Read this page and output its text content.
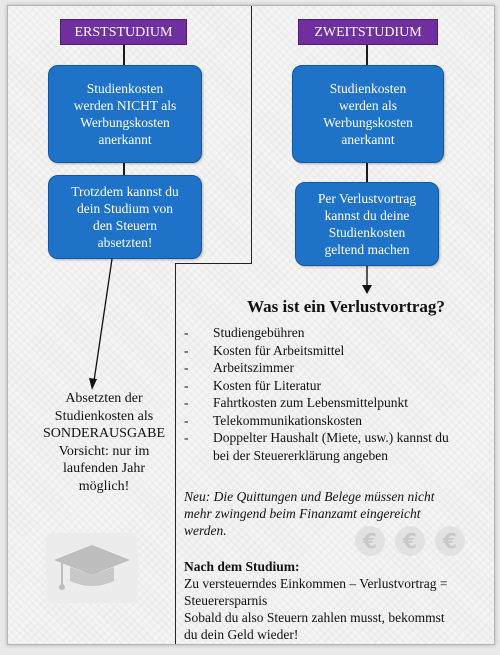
ERSTSTUDIUM
Studienkosten
werden NICHT als
Werbungskosten
anerkannt
Trotzdem kannst du
dein Studium von
den Steuern
absetzten!
Absetzten der
Studienkosten als
SONDERAUSGABE
Vorsicht: nur im
laufenden Jahr
möglich!
ZWEITSTUDIUM
Studienkosten
werden als
Werbungskosten
anerkannt
Per Verlustvortrag
kannst du deine
Studienkosten
geltend machen
Was ist ein Verlustvortrag?
- Studiengebühren
- Kosten für Arbeitsmittel
- Arbeitszimmer
- Kosten für Literatur
- Fahrtkosten zum Lebensmittelpunkt
- Telekommunikationskosten
- Doppelter Haushalt (Miete, usw.) kannst du
bei der Steuererklärung angeben
Neu: Die Quittungen und Belege müssen nicht
mehr zwingend beim Finanzamt eingereicht
werden.	€	€	€
Nach dem Studium:
Zu versteuerndes Einkommen – Verlustvortrag =
Steuerersparnis
Sobald du also Steuern zahlen musst, bekommst
du dein Geld wieder!
